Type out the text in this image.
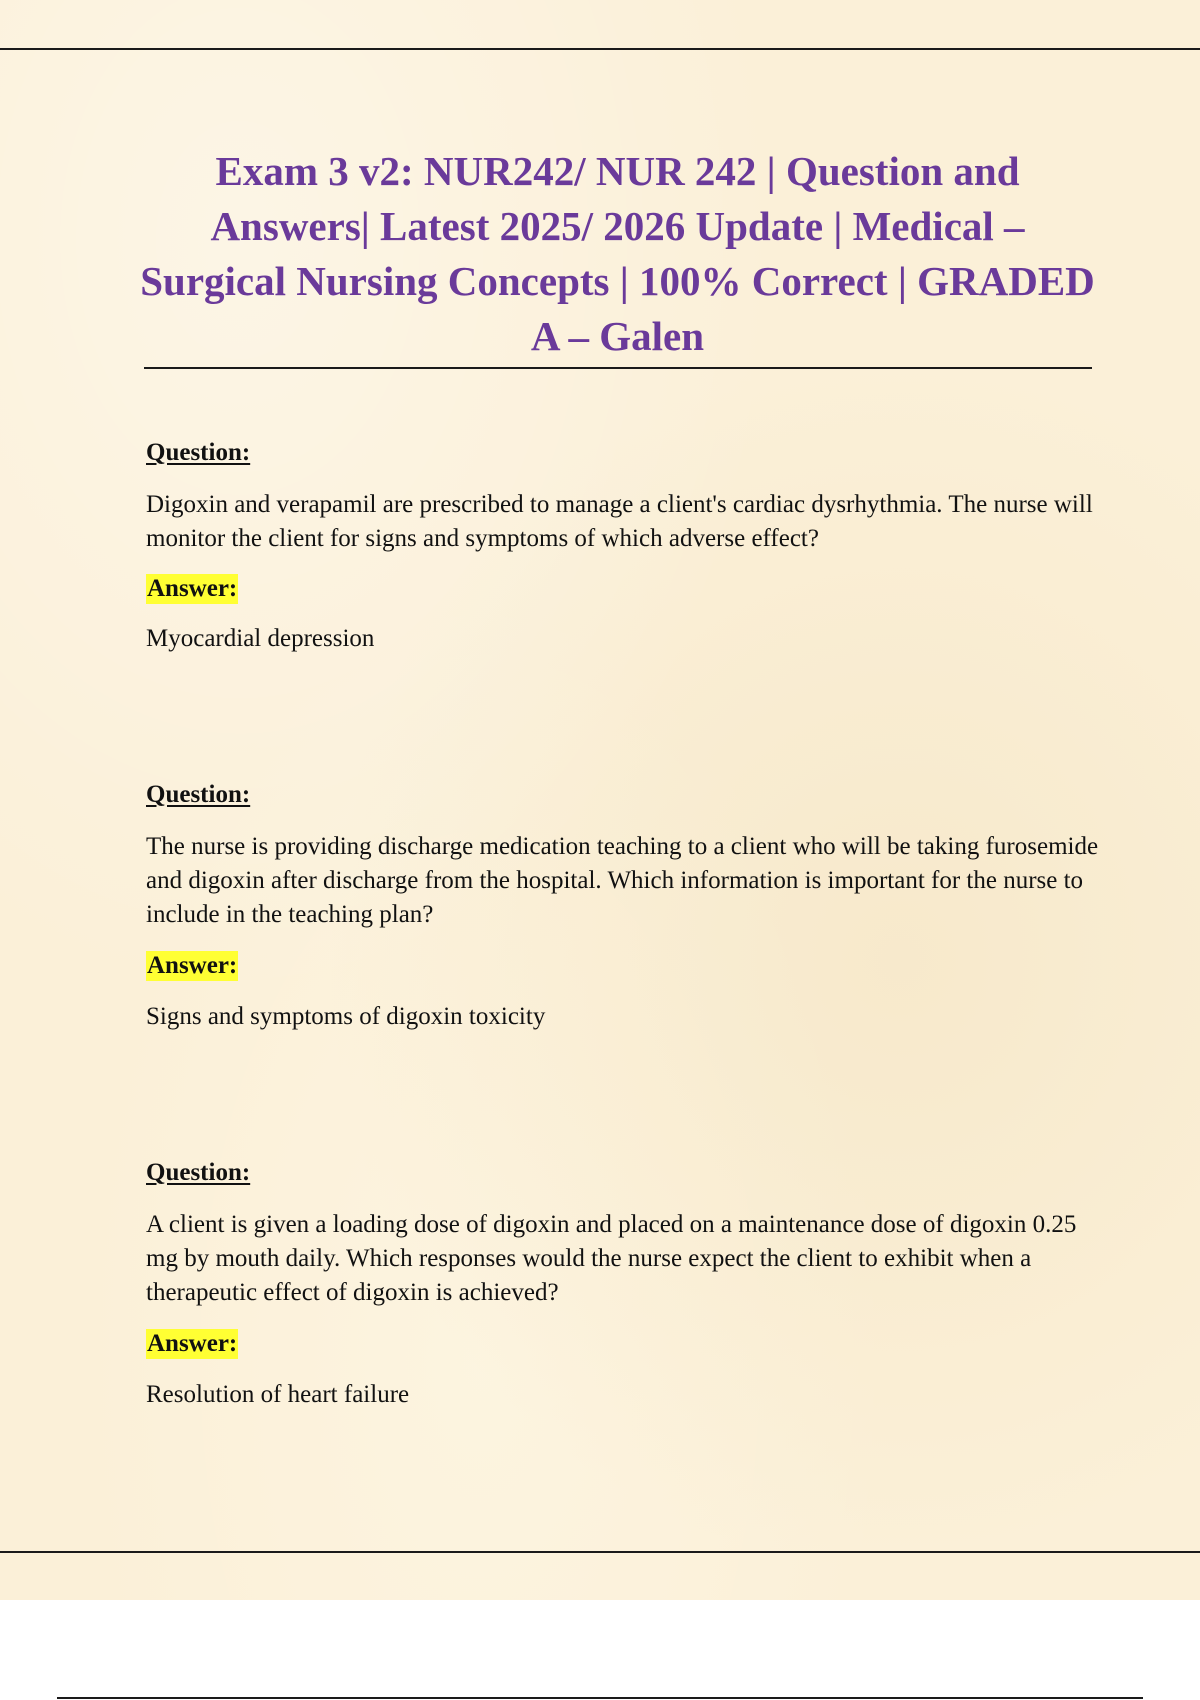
Exam 3 v2: NUR242/ NUR 242 | Question and Answers| Latest 2025/ 2026 Update | Medical – Surgical Nursing Concepts | 100% Correct | GRADED A – Galen
Question:

Digoxin and verapamil are prescribed to manage a client's cardiac dysrhythmia. The nurse will monitor the client for signs and symptoms of which adverse effect?

Answer:
Myocardial depression
Question:

The nurse is providing discharge medication teaching to a client who will be taking furosemide and digoxin after discharge from the hospital. Which information is important for the nurse to include in the teaching plan?

Answer:
Signs and symptoms of digoxin toxicity
Question:

A client is given a loading dose of digoxin and placed on a maintenance dose of digoxin 0.25 mg by mouth daily. Which responses would the nurse expect the client to exhibit when a therapeutic effect of digoxin is achieved?

Answer:
Resolution of heart failure
